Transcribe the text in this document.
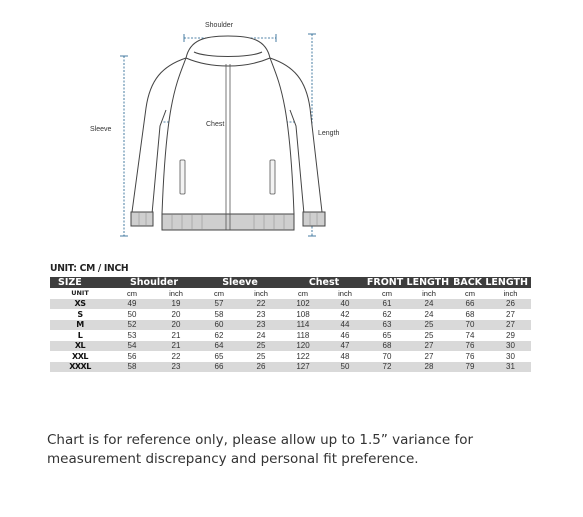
Shoulder
Chest
Sleeve
Length
UNIT: CM / INCH
SIZE	Shoulder		Sleeve		Chest		FRONT LENGTH		BACK LENGTH	
UNIT	cm	inch	cm	inch	cm	inch	cm	inch	cm	inch
XS	49	19	57	22	102	40	61	24	66	26
S	50	20	58	23	108	42	62	24	68	27
M	52	20	60	23	114	44	63	25	70	27
L	53	21	62	24	118	46	65	25	74	29
XL	54	21	64	25	120	47	68	27	76	30
XXL	56	22	65	25	122	48	70	27	76	30
XXXL	58	23	66	26	127	50	72	28	79	31
Chart is for reference only, please allow up to 1.5” variance for measurement discrepancy and personal fit preference.
